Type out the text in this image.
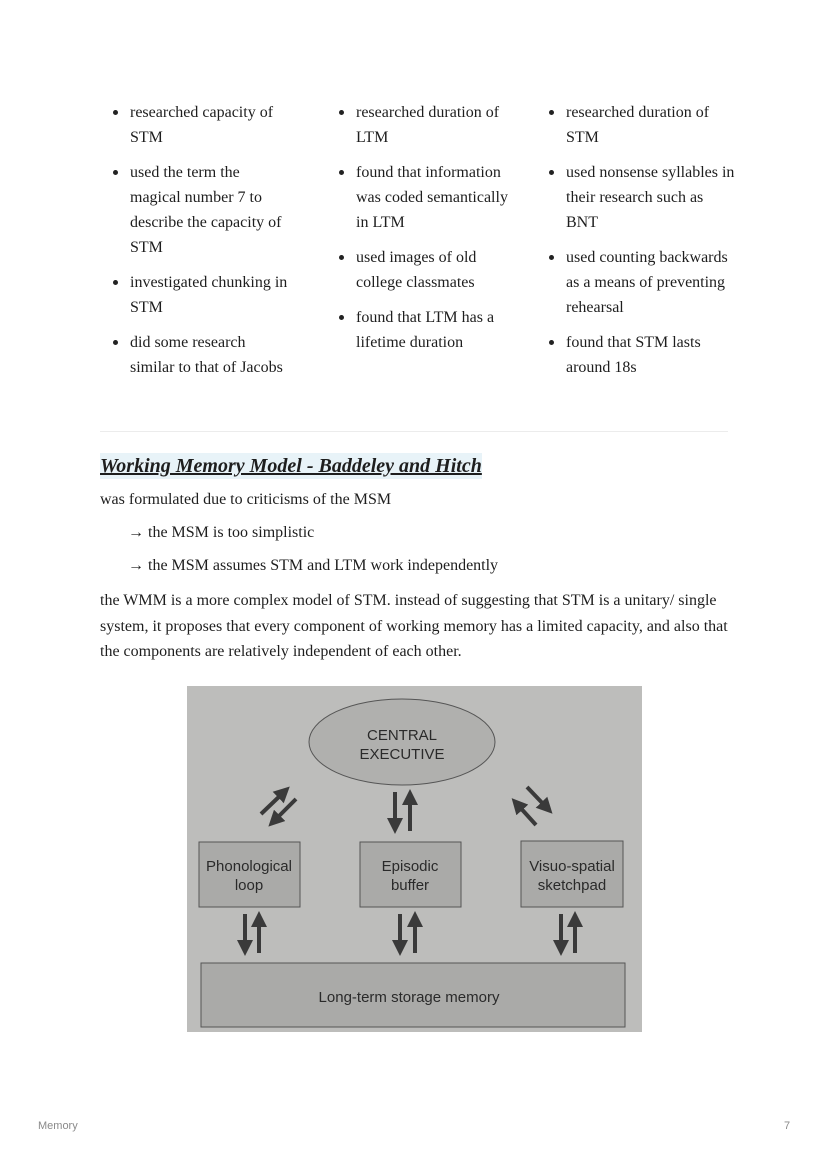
researched capacity of STM
used the term the magical number 7 to describe the capacity of STM
investigated chunking in STM
did some research similar to that of Jacobs
researched duration of LTM
found that information was coded semantically in LTM
used images of old college classmates
found that LTM has a lifetime duration
researched duration of STM
used nonsense syllables in their research such as BNT
used counting backwards as a means of preventing rehearsal
found that STM lasts around 18s
Working Memory Model - Baddeley and Hitch
was formulated due to criticisms of the MSM
→ the MSM is too simplistic
→ the MSM assumes STM and LTM work independently
the WMM is a more complex model of STM. instead of suggesting that STM is a unitary/ single system, it proposes that every component of working memory has a limited capacity, and also that the components are relatively independent of each other.
CENTRAL
EXECUTIVE
Phonological
loop
Episodic
buffer
Visuo-spatial
sketchpad
Long-term storage memory
Memory	7
